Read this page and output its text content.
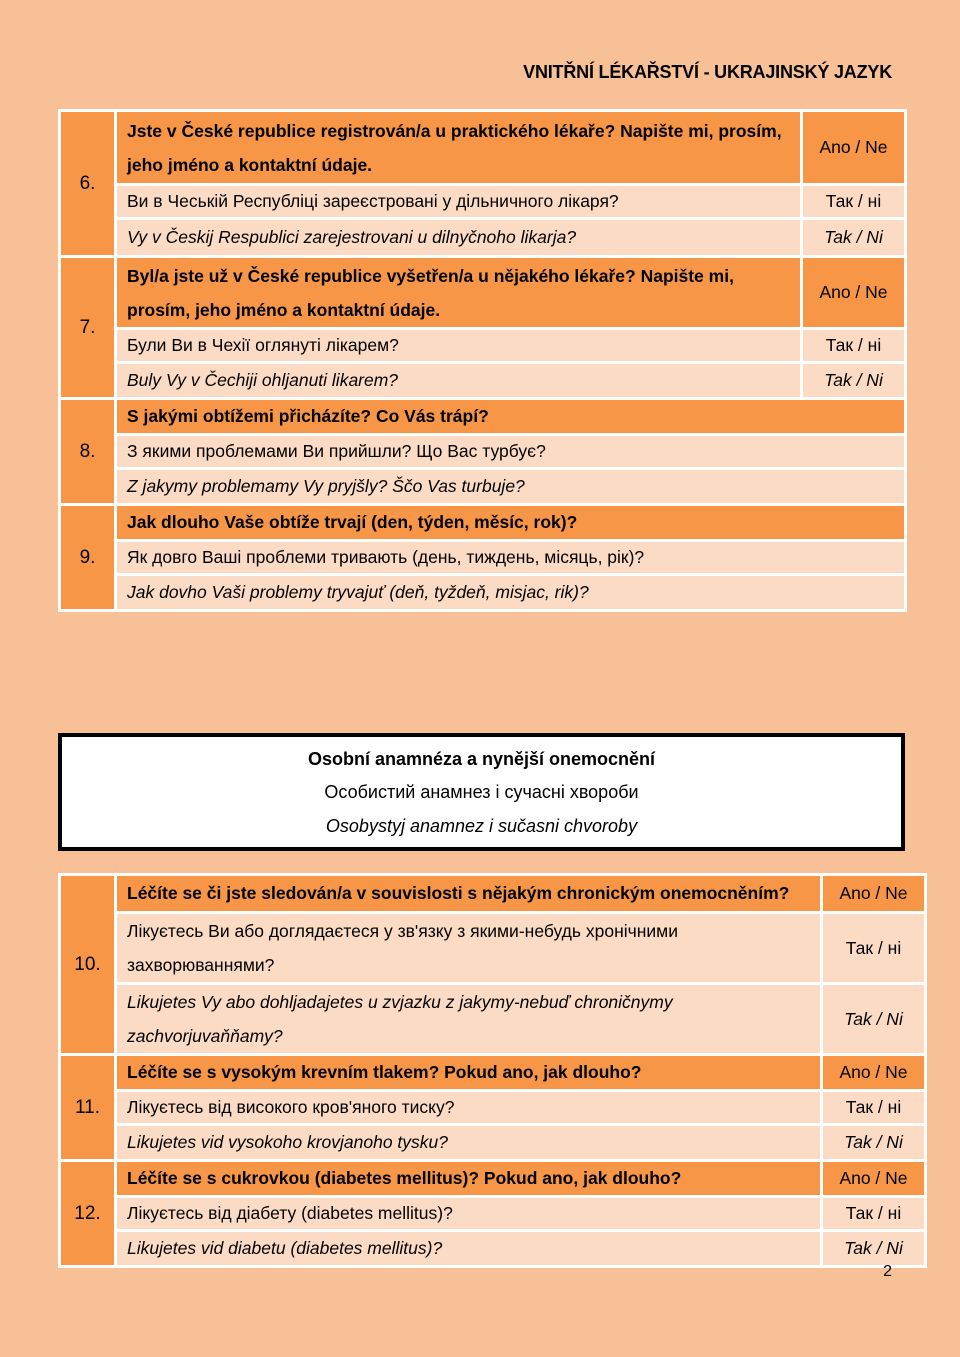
VNITŘNÍ LÉKAŘSTVÍ - UKRAJINSKÝ JAZYK
6.	Jste v České republice registrován/a u praktického lékaře? Napište mi, prosím, jeho jméno a kontaktní údaje.	Ano / Ne
	Ви в Чеській Республіці зареєстровані у дільничного лікаря?	Так / ні
	Vy v Českij Respublici zarejestrovani u dilnyčnoho likarja?	Tak / Ni
7.	Byl/a jste už v České republice vyšetřen/a u nějakého lékaře? Napište mi, prosím, jeho jméno a kontaktní údaje.	Ano / Ne
	Були Ви в Чехії оглянуті лікарем?	Так / ні
	Buly Vy v Čechiji ohljanuti likarem?	Tak / Ni
8.	S jakými obtížemi přicházíte? Co Vás trápí?	
	З якими проблемами Ви прийшли? Що Вас турбує?	
	Z jakymy problemamy Vy pryjšly? Ščo Vas turbuje?	
9.	Jak dlouho Vaše obtíže trvají (den, týden, měsíc, rok)?	
	Як довго Ваші проблеми тривають (день, тиждень, місяць, рік)?	
	Jak dovho Vaši problemy tryvajuť (deň, tyždeň, misjac, rik)?	
Osobní anamnéza a nynější onemocnění
Особистий анамнез і сучасні хвороби
Osobystyj anamnez i sučasni chvoroby
10.	Léčíte se či jste sledován/a v souvislosti s nějakým chronickým onemocněním?	Ano / Ne
	Лікуєтесь Ви або доглядаєтеся у зв'язку з якими-небудь хронічними захворюваннями?	Так / ні
	Likujetes Vy abo dohljadajetes u zvjazku z jakymy-nebuď chroničnymy zachvorjuvaňňamy?	Tak / Ni
11.	Léčíte se s vysokým krevním tlakem? Pokud ano, jak dlouho?	Ano / Ne
	Лікуєтесь від високого кров'яного тиску?	Так / ні
	Likujetes vid vysokoho krovjanoho tysku?	Tak / Ni
12.	Léčíte se s cukrovkou (diabetes mellitus)? Pokud ano, jak dlouho?	Ano / Ne
	Лікуєтесь від діабету (diabetes mellitus)?	Так / ні
	Likujetes vid diabetu (diabetes mellitus)?	Tak / Ni
2
